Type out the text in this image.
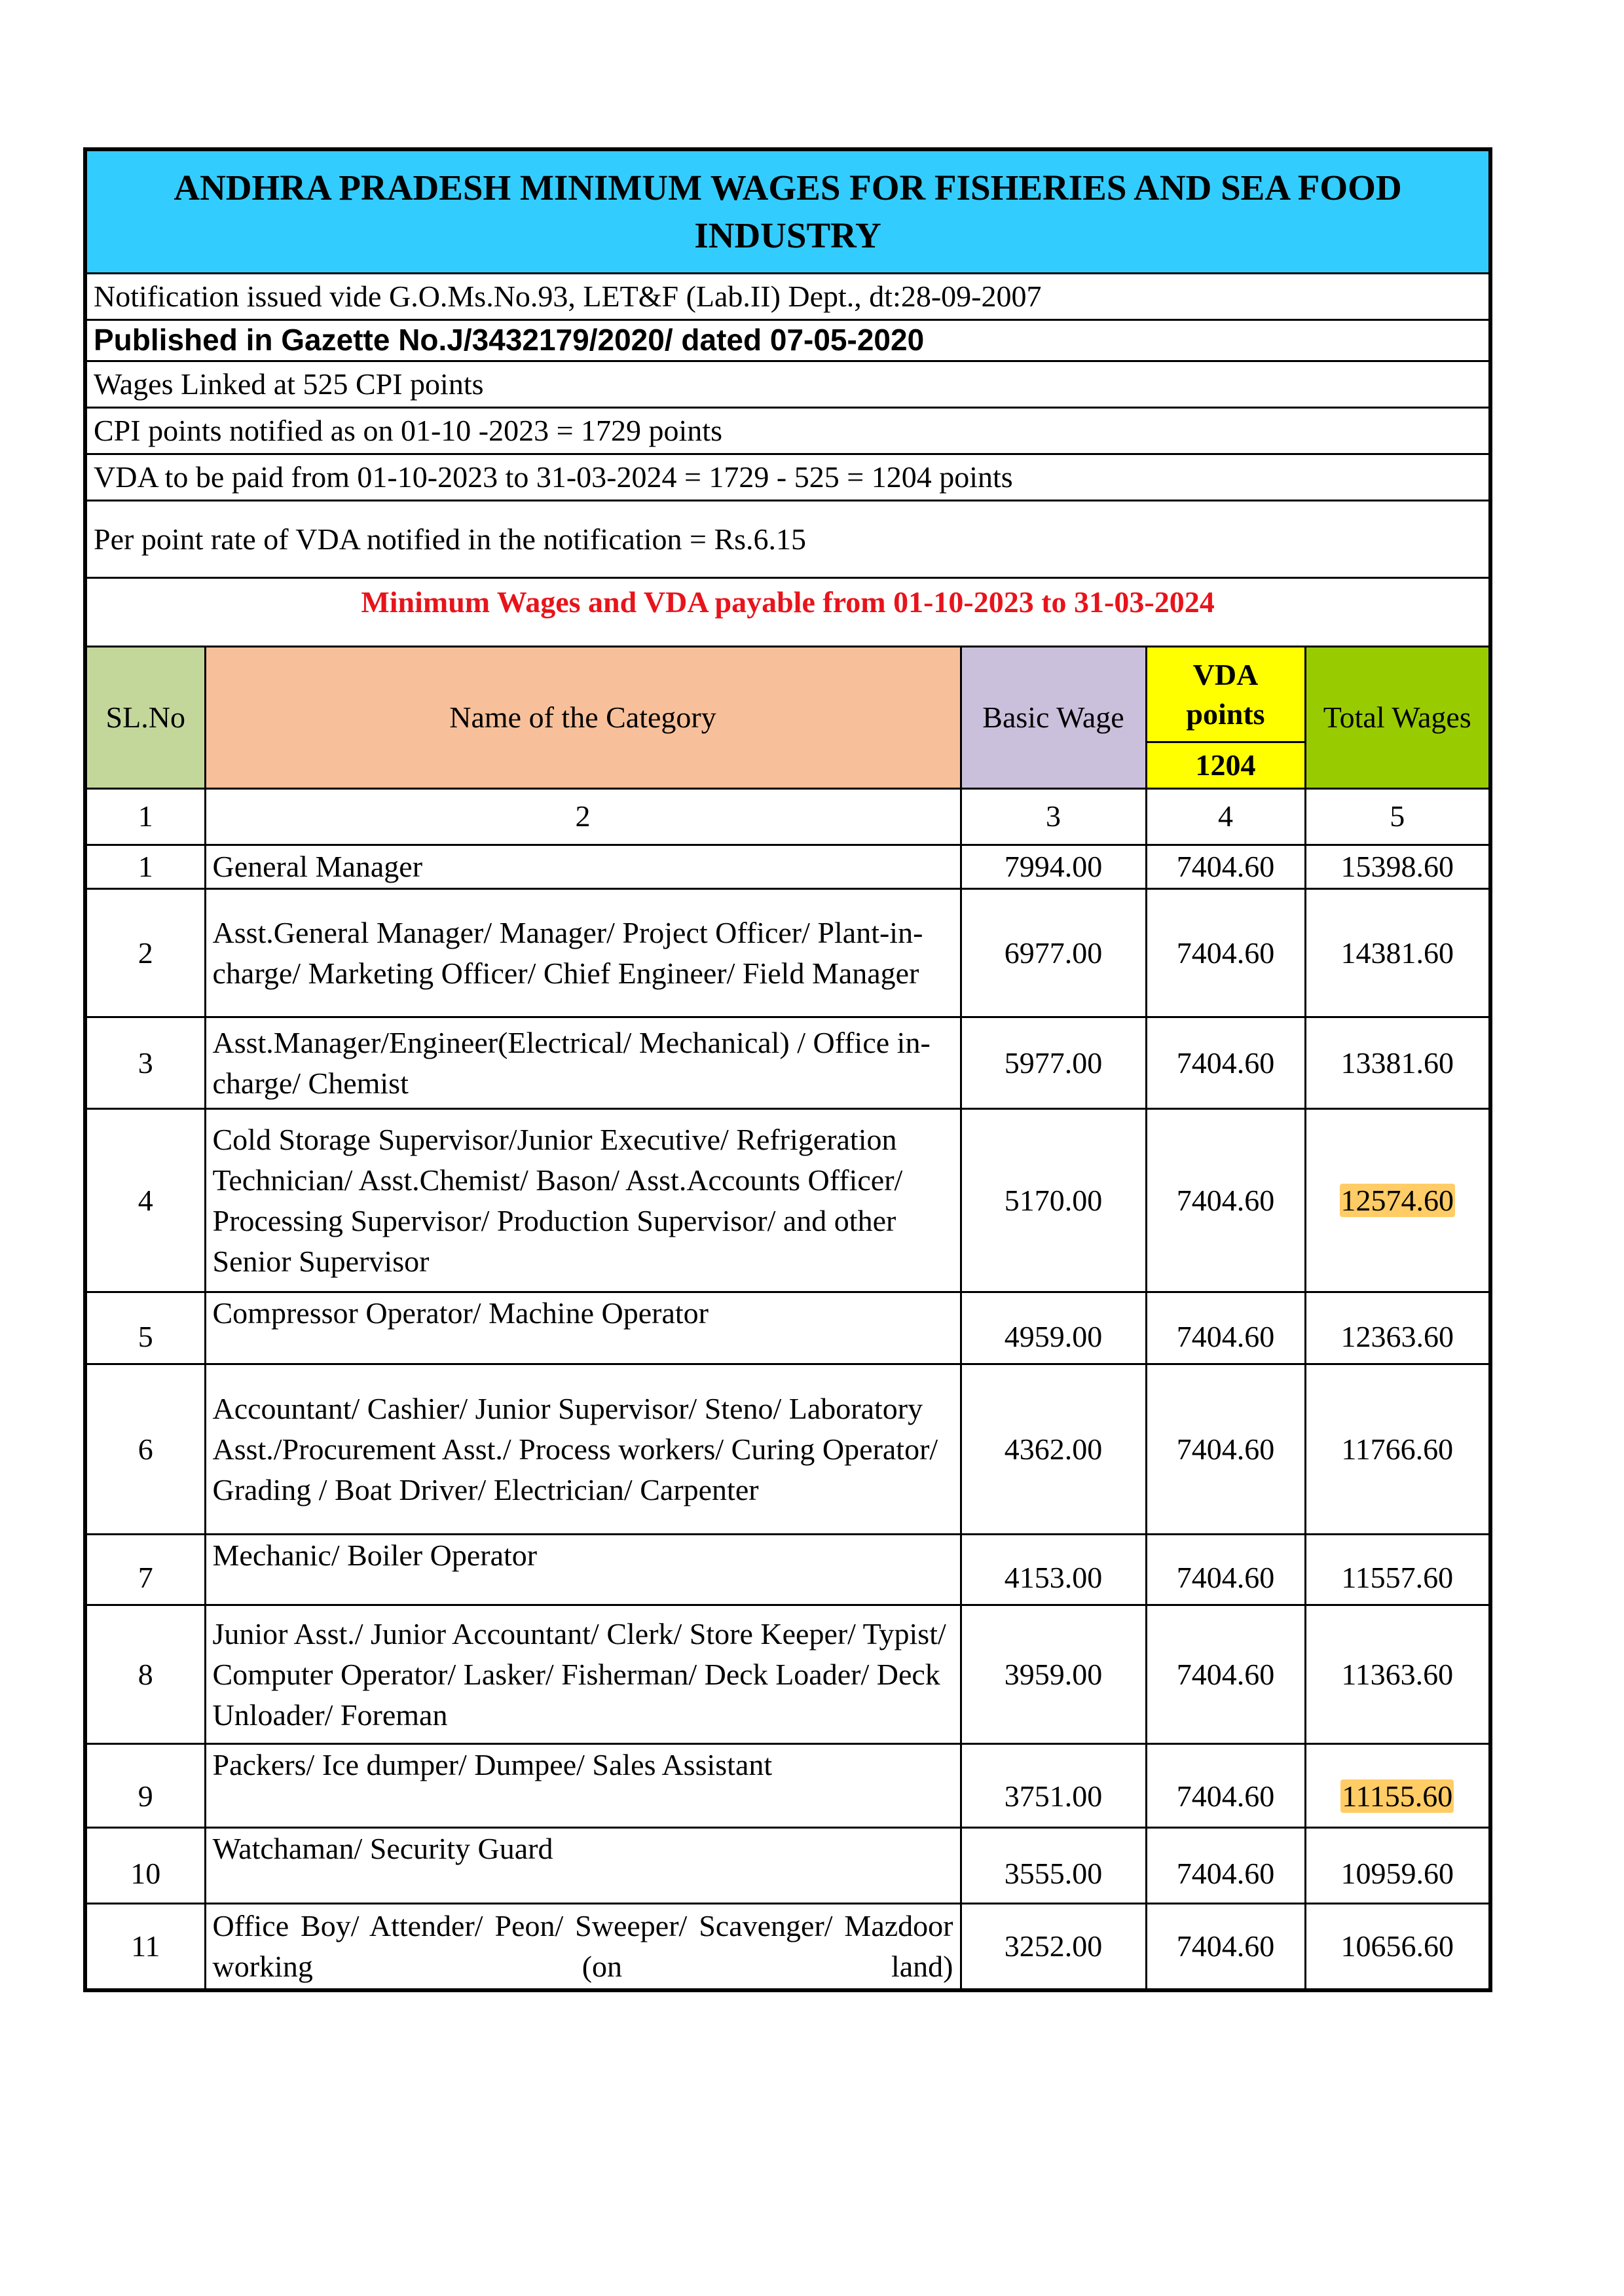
ANDHRA PRADESH MINIMUM WAGES FOR FISHERIES AND SEA FOOD INDUSTRY				
Notification issued vide G.O.Ms.No.93, LET&F (Lab.II) Dept., dt:28-09-2007				
Published in Gazette No.J/3432179/2020/ dated 07-05-2020				
Wages Linked at 525 CPI points				
CPI points notified as on 01-10 -2023 = 1729 points				
VDA to be paid from 01-10-2023 to 31-03-2024 = 1729 - 525 = 1204 points				
Per point rate of VDA notified in the notification = Rs.6.15				
Minimum Wages and VDA payable from 01-10-2023 to 31-03-2024				
SL.No	Name of the Category	Basic Wage	VDA points	Total Wages
			1204	
1	2	3	4	5
1	General Manager	7994.00	7404.60	15398.60
2	Asst.General Manager/ Manager/ Project Officer/ Plant-in-charge/ Marketing Officer/ Chief Engineer/ Field Manager	6977.00	7404.60	14381.60
3	Asst.Manager/Engineer(Electrical/ Mechanical) / Office in-charge/ Chemist	5977.00	7404.60	13381.60
4	Cold Storage Supervisor/Junior Executive/ Refrigeration Technician/ Asst.Chemist/ Bason/ Asst.Accounts Officer/ Processing Supervisor/ Production Supervisor/ and other Senior Supervisor	5170.00	7404.60	12574.60
5	Compressor Operator/ Machine Operator	4959.00	7404.60	12363.60
6	Accountant/ Cashier/ Junior Supervisor/ Steno/ Laboratory Asst./Procurement Asst./ Process workers/ Curing Operator/ Grading / Boat Driver/ Electrician/ Carpenter	4362.00	7404.60	11766.60
7	Mechanic/ Boiler Operator	4153.00	7404.60	11557.60
8	Junior Asst./ Junior Accountant/ Clerk/ Store Keeper/ Typist/ Computer Operator/ Lasker/ Fisherman/ Deck Loader/ Deck Unloader/ Foreman	3959.00	7404.60	11363.60
9	Packers/ Ice dumper/ Dumpee/ Sales Assistant	3751.00	7404.60	11155.60
10	Watchaman/ Security Guard	3555.00	7404.60	10959.60
11	Office Boy/ Attender/ Peon/ Sweeper/ Scavenger/ Mazdoor working (on land)	3252.00	7404.60	10656.60
